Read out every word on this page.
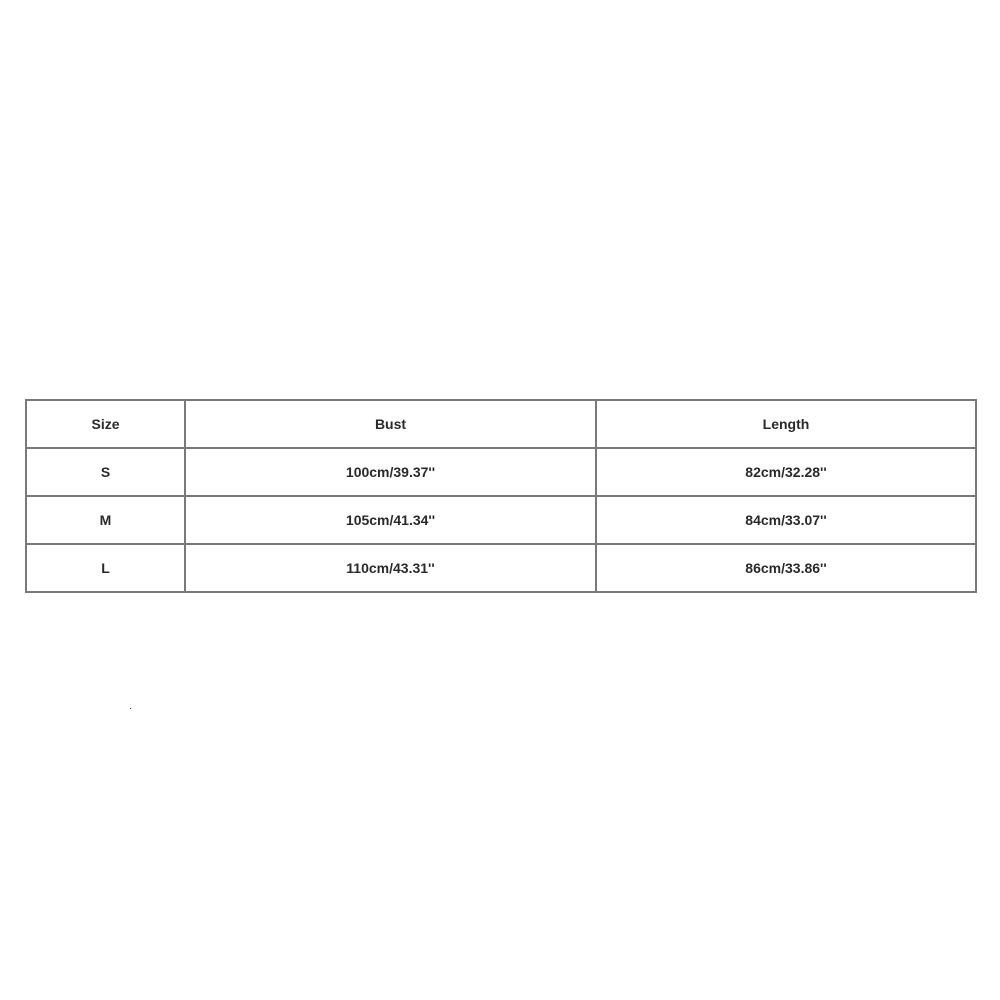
Size	Bust	Length
S	100cm/39.37''	82cm/32.28''
M	105cm/41.34''	84cm/33.07''
L	110cm/43.31''	86cm/33.86''
